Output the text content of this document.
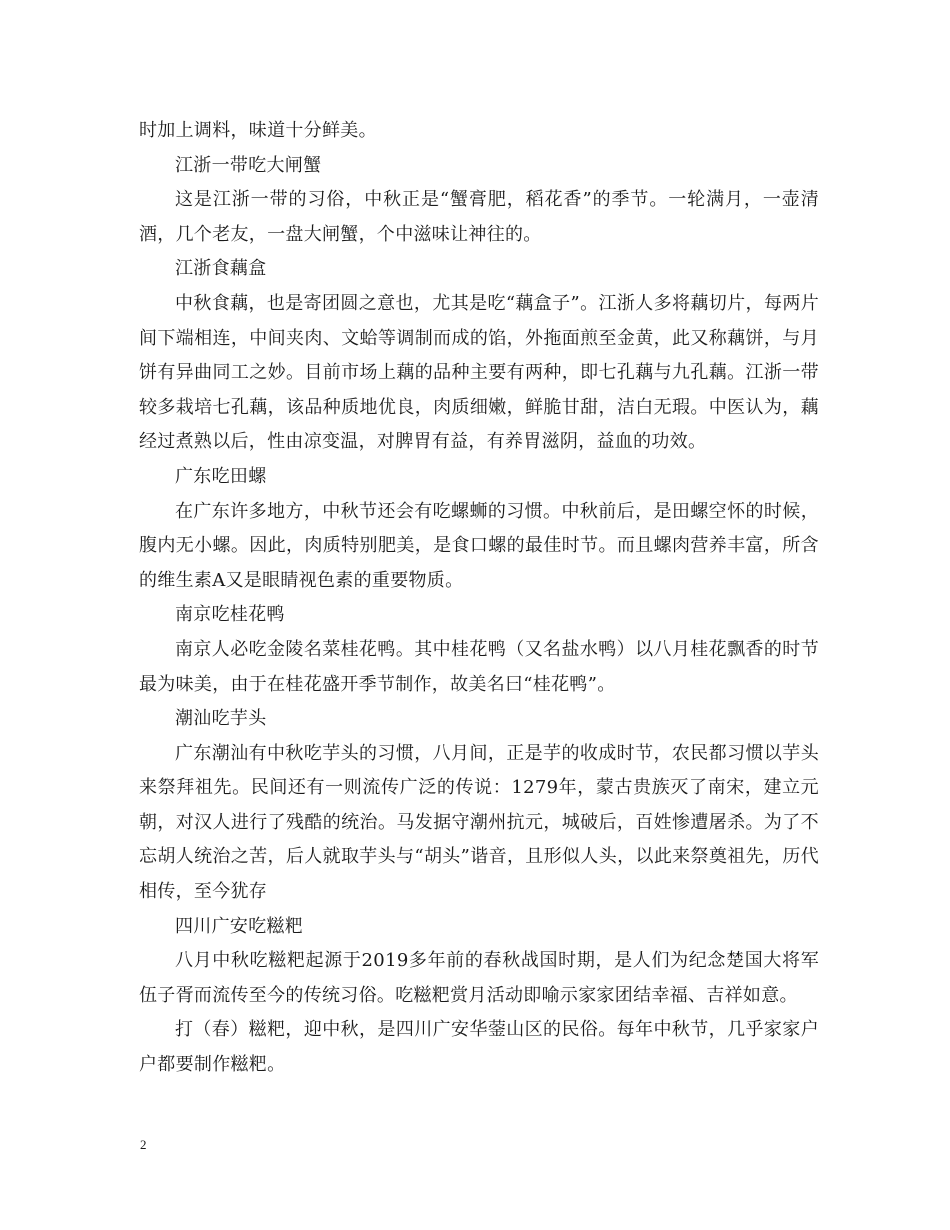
时加上调料，味道十分鲜美。

江浙一带吃大闸蟹

这是江浙一带的习俗，中秋正是“蟹膏肥，稻花香”的季节。一轮满月，一壶清酒，几个老友，一盘大闸蟹，个中滋味让神往的。

江浙食藕盒

中秋食藕，也是寄团圆之意也，尤其是吃“藕盒子”。江浙人多将藕切片，每两片间下端相连，中间夹肉、文蛤等调制而成的馅，外拖面煎至金黄，此又称藕饼，与月饼有异曲同工之妙。目前市场上藕的品种主要有两种，即七孔藕与九孔藕。江浙一带较多栽培七孔藕，该品种质地优良，肉质细嫩，鲜脆甘甜，洁白无瑕。中医认为，藕经过煮熟以后，性由凉变温，对脾胃有益，有养胃滋阴，益血的功效。

广东吃田螺

在广东许多地方，中秋节还会有吃螺蛳的习惯。中秋前后，是田螺空怀的时候，腹内无小螺。因此，肉质特别肥美，是食口螺的最佳时节。而且螺肉营养丰富，所含的维生素A又是眼睛视色素的重要物质。

南京吃桂花鸭

南京人必吃金陵名菜桂花鸭。其中桂花鸭（又名盐水鸭）以八月桂花飘香的时节最为味美，由于在桂花盛开季节制作，故美名曰“桂花鸭”。

潮汕吃芋头

广东潮汕有中秋吃芋头的习惯，八月间，正是芋的收成时节，农民都习惯以芋头来祭拜祖先。民间还有一则流传广泛的传说：1279年，蒙古贵族灭了南宋，建立元朝，对汉人进行了残酷的统治。马发据守潮州抗元，城破后，百姓惨遭屠杀。为了不忘胡人统治之苦，后人就取芋头与“胡头”谐音，且形似人头，以此来祭奠祖先，历代相传，至今犹存

四川广安吃糍粑

八月中秋吃糍粑起源于2019多年前的春秋战国时期，是人们为纪念楚国大将军伍子胥而流传至今的传统习俗。吃糍粑赏月活动即喻示家家团结幸福、吉祥如意。

打（春）糍粑，迎中秋，是四川广安华蓥山区的民俗。每年中秋节，几乎家家户户都要制作糍粑。

2
